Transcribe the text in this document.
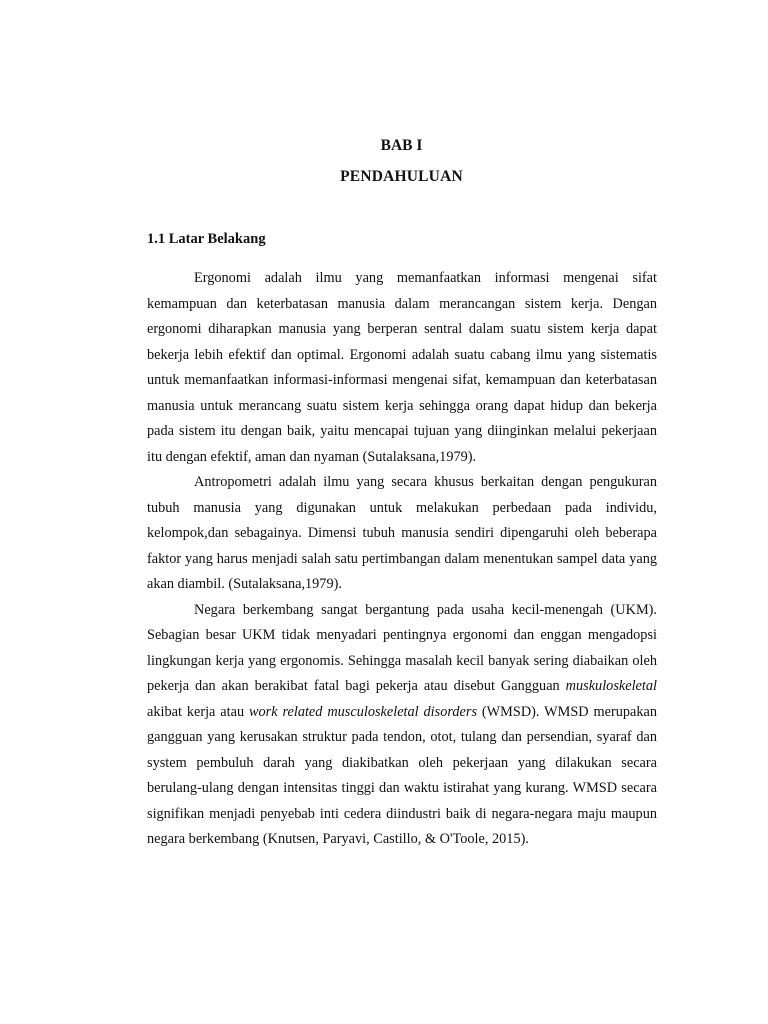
BAB I
PENDAHULUAN
1.1 Latar Belakang

Ergonomi adalah ilmu yang memanfaatkan informasi mengenai sifat kemampuan dan keterbatasan manusia dalam merancangan sistem kerja. Dengan ergonomi diharapkan manusia yang berperan sentral dalam suatu sistem kerja dapat bekerja lebih efektif dan optimal. Ergonomi adalah suatu cabang ilmu yang sistematis untuk memanfaatkan informasi-informasi mengenai sifat, kemampuan dan keterbatasan manusia untuk merancang suatu sistem kerja sehingga orang dapat hidup dan bekerja pada sistem itu dengan baik, yaitu mencapai tujuan yang diinginkan melalui pekerjaan itu dengan efektif, aman dan nyaman (Sutalaksana,1979).

Antropometri adalah ilmu yang secara khusus berkaitan dengan pengukuran tubuh manusia yang digunakan untuk melakukan perbedaan pada individu, kelompok,dan sebagainya. Dimensi tubuh manusia sendiri dipengaruhi oleh beberapa faktor yang harus menjadi salah satu pertimbangan dalam menentukan sampel data yang akan diambil. (Sutalaksana,1979).

Negara berkembang sangat bergantung pada usaha kecil-menengah (UKM). Sebagian besar UKM tidak menyadari pentingnya ergonomi dan enggan mengadopsi lingkungan kerja yang ergonomis. Sehingga masalah kecil banyak sering diabaikan oleh pekerja dan akan berakibat fatal bagi pekerja atau disebut Gangguan muskuloskeletal akibat kerja atau work related musculoskeletal disorders (WMSD). WMSD merupakan gangguan yang kerusakan struktur pada tendon, otot, tulang dan persendian, syaraf dan system pembuluh darah yang diakibatkan oleh pekerjaan yang dilakukan secara berulang-ulang dengan intensitas tinggi dan waktu istirahat yang kurang. WMSD secara signifikan menjadi penyebab inti cedera diindustri baik di negara-negara maju maupun negara berkembang (Knutsen, Paryavi, Castillo, & O'Toole, 2015).
